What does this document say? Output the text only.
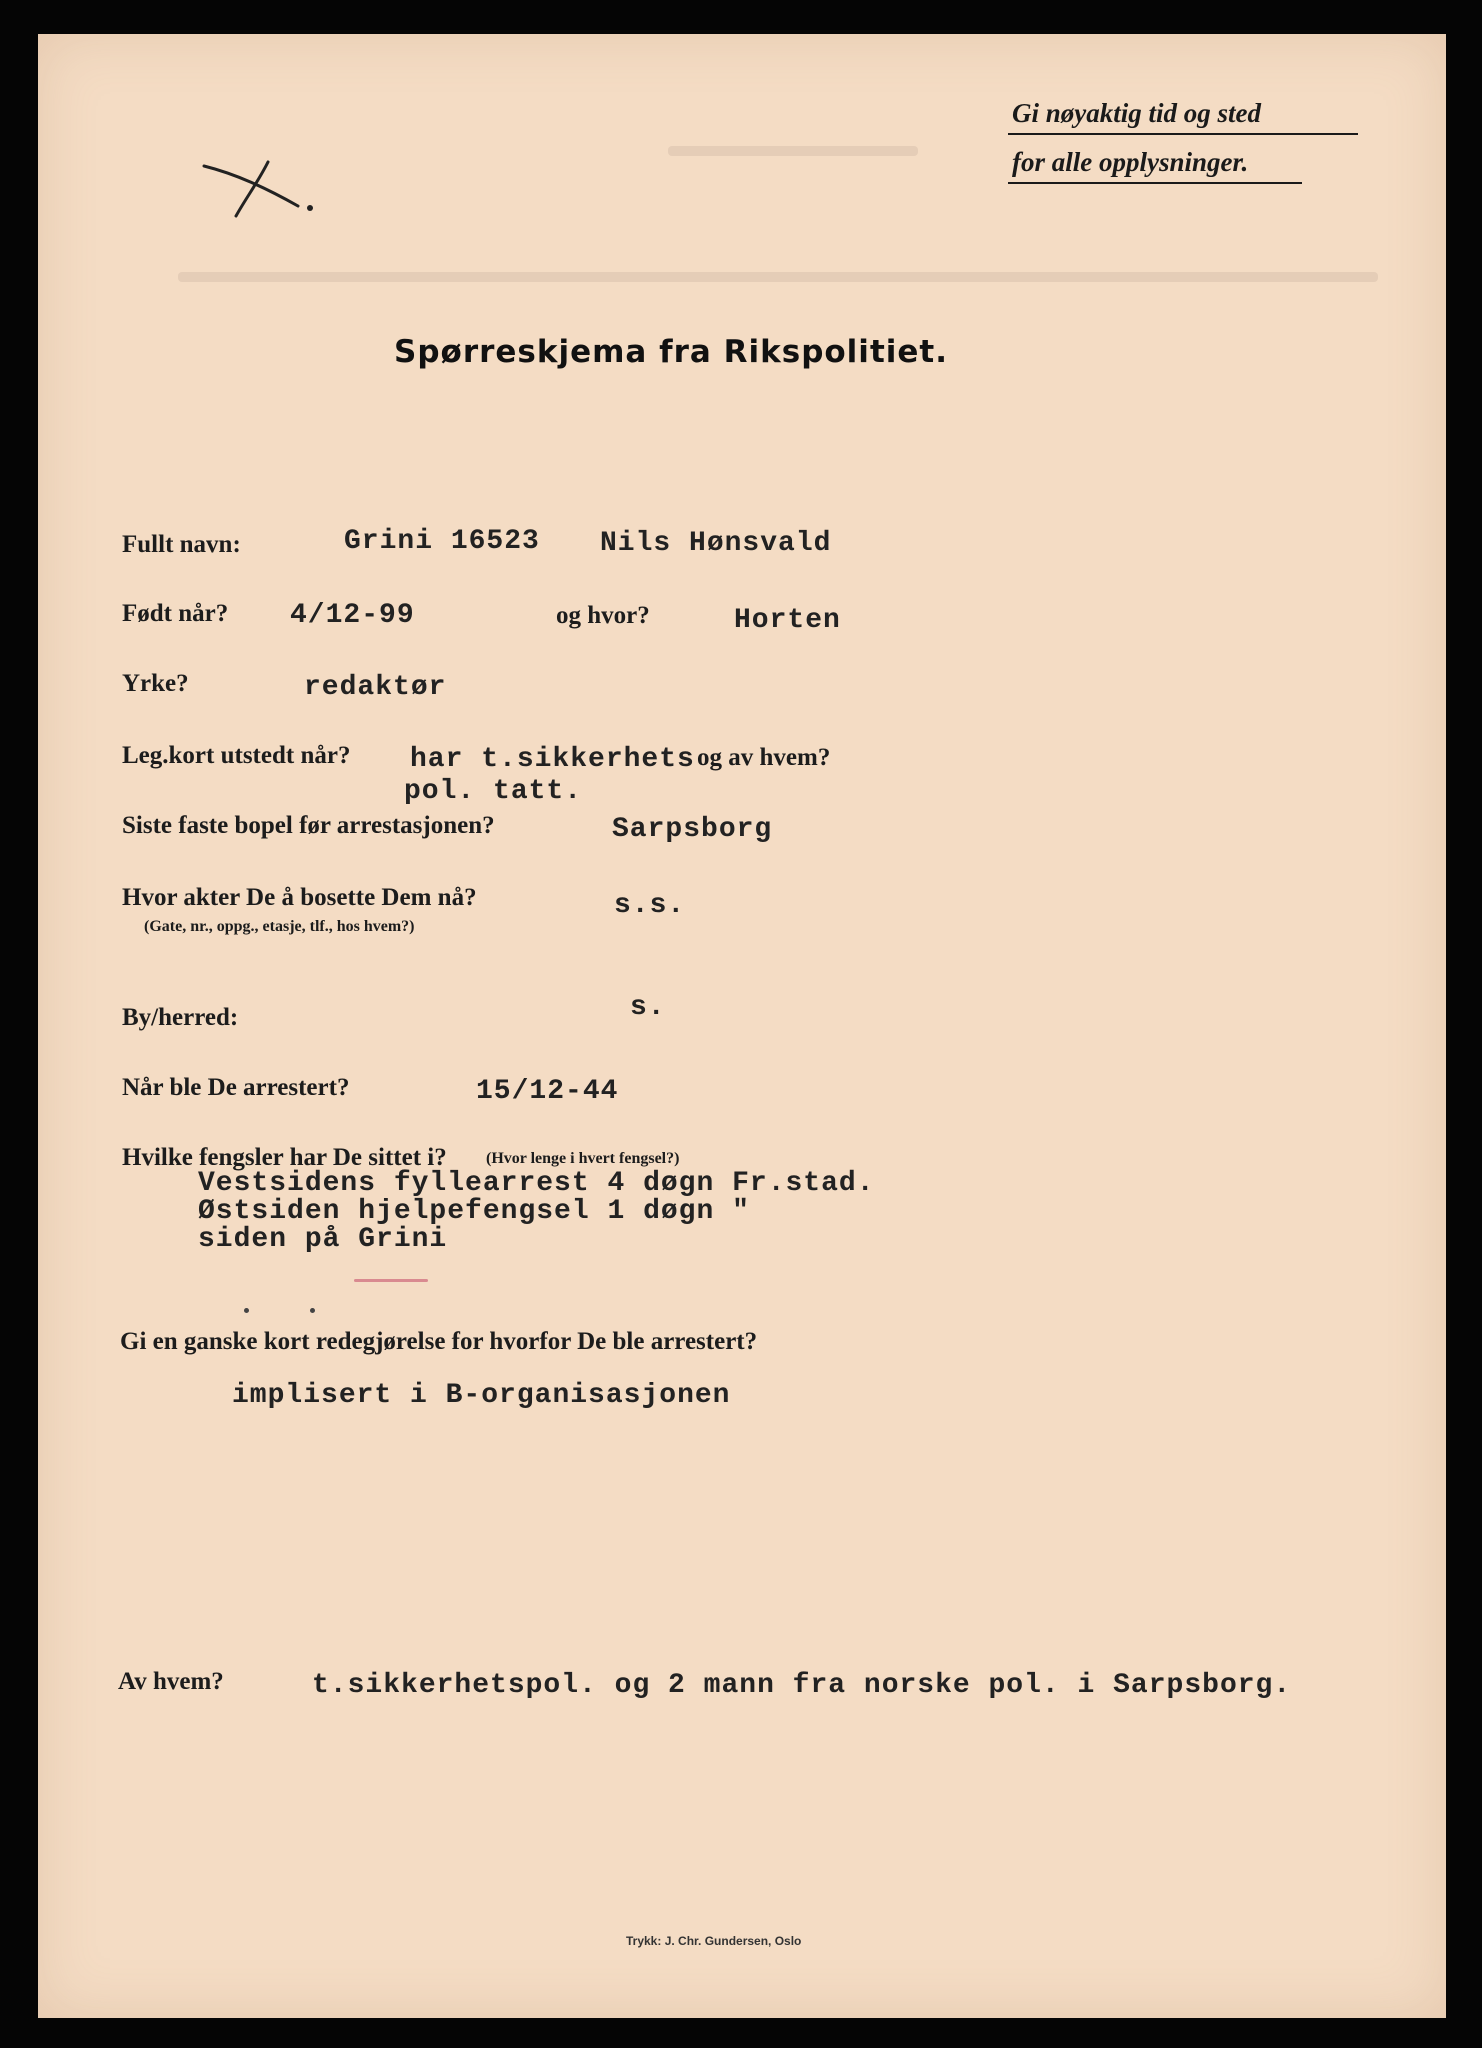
Gi nøyaktig tid og sted
for alle opplysninger.
Spørreskjema fra Rikspolitiet.
Fullt navn:	Grini 16523 Nils Hønsvald
Født når? 4/12-99	og hvor?	Horten
Yrke?	redaktør
Leg.kort utstedt når? har t.sikkerhets og av hvem?
pol. tatt.
Siste faste bopel før arrestasjonen?	Sarpsborg
Hvor akter De å bosette Dem nå?
(Gate, nr., oppg., etasje, tlf., hos hvem?)
s.s.
By/herred:	s.
Når ble De arrestert?	15/12-44
Hvilke fengsler har De sittet i? (Hvor lenge i hvert fengsel?)
Vestsidens fyllearrest 4 døgn Fr.stad.
Østsiden hjelpefengsel 1 døgn "
siden på Grini
Gi en ganske kort redegjørelse for hvorfor De ble arrestert?
implisert i B-organisasjonen
Av hvem?	t.sikkerhetspol. og 2 mann fra norske pol. i Sarpsborg.
Trykk: J. Chr. Gundersen, Oslo
